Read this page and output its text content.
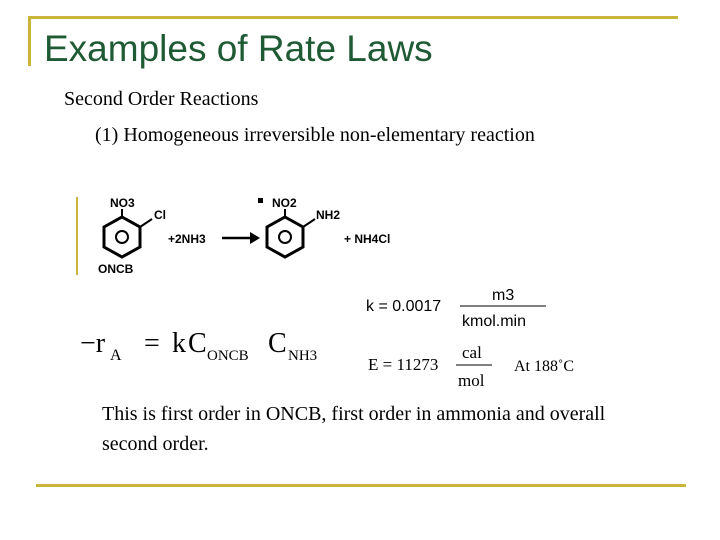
Examples of Rate Laws
Second Order Reactions
(1) Homogeneous irreversible non-elementary reaction
NO3
Cl
ONCB
+2NH3
NO2
NH2
+ NH4Cl
−r A = k C ONCB C NH3
k = 0.0017
m3
kmol.min
E = 11273
cal
mol
At 188˚C
This is first order in ONCB, first order in ammonia and overall second order.
